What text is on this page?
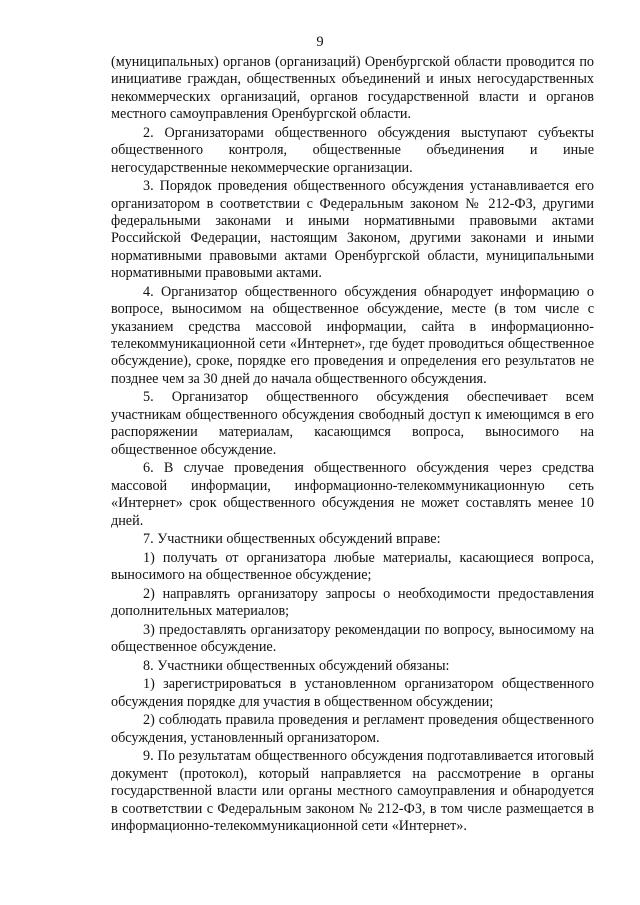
9

(муниципальных) органов (организаций) Оренбургской области проводится по инициативе граждан, общественных объединений и иных негосударственных некоммерческих организаций, органов государственной власти и органов местного самоуправления Оренбургской области.

2. Организаторами общественного обсуждения выступают субъекты общественного контроля, общественные объединения и иные негосударственные некоммерческие организации.

3. Порядок проведения общественного обсуждения устанавливается его организатором в соответствии с Федеральным законом № 212-ФЗ, другими федеральными законами и иными нормативными правовыми актами Российской Федерации, настоящим Законом, другими законами и иными нормативными правовыми актами Оренбургской области, муниципальными нормативными правовыми актами.

4. Организатор общественного обсуждения обнародует информацию о вопросе, выносимом на общественное обсуждение, месте (в том числе с указанием средства массовой информации, сайта в информационно-телекоммуникационной сети «Интернет», где будет проводиться общественное обсуждение), сроке, порядке его проведения и определения его результатов не позднее чем за 30 дней до начала общественного обсуждения.

5. Организатор общественного обсуждения обеспечивает всем участникам общественного обсуждения свободный доступ к имеющимся в его распоряжении материалам, касающимся вопроса, выносимого на общественное обсуждение.

6. В случае проведения общественного обсуждения через средства массовой информации, информационно-телекоммуникационную сеть «Интернет» срок общественного обсуждения не может составлять менее 10 дней.

7. Участники общественных обсуждений вправе:

1) получать от организатора любые материалы, касающиеся вопроса, выносимого на общественное обсуждение;

2) направлять организатору запросы о необходимости предоставления дополнительных материалов;

3) предоставлять организатору рекомендации по вопросу, выносимому на общественное обсуждение.

8. Участники общественных обсуждений обязаны:

1) зарегистрироваться в установленном организатором общественного обсуждения порядке для участия в общественном обсуждении;

2) соблюдать правила проведения и регламент проведения общественного обсуждения, установленный организатором.

9. По результатам общественного обсуждения подготавливается итоговый документ (протокол), который направляется на рассмотрение в органы государственной власти или органы местного самоуправления и обнародуется в соответствии с Федеральным законом № 212-ФЗ, в том числе размещается в информационно-телекоммуникационной сети «Интернет».
